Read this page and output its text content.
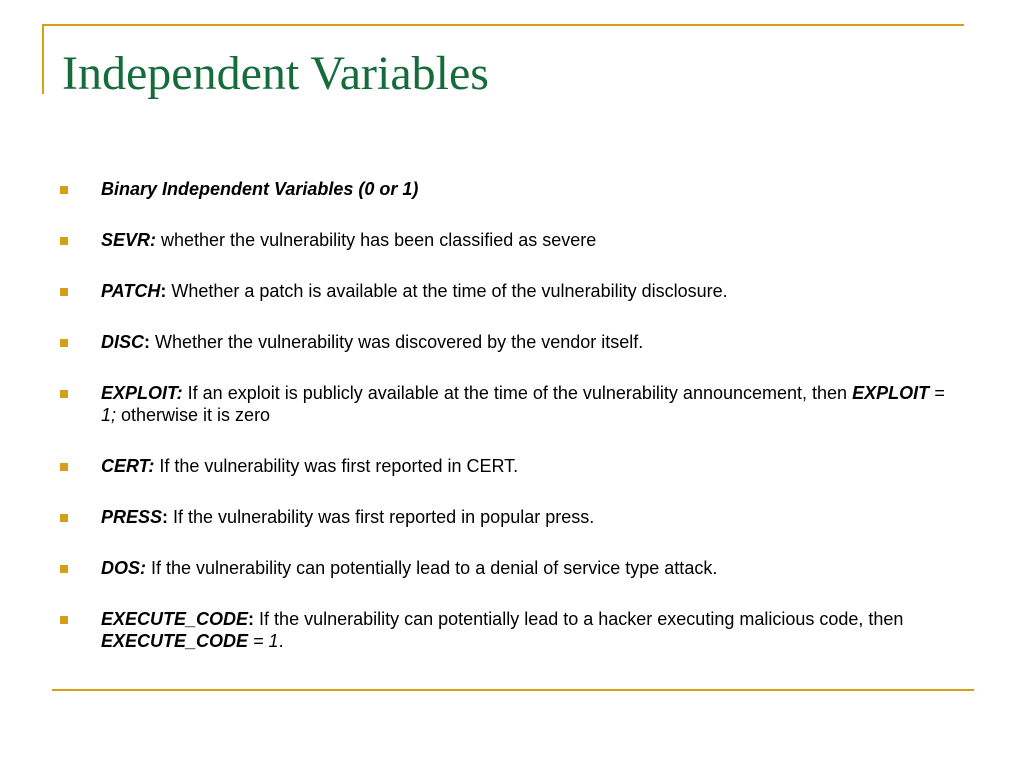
Independent Variables
Binary Independent Variables (0 or 1)
SEVR: whether the vulnerability has been classified as severe
PATCH: Whether a patch is available at the time of the vulnerability disclosure.
DISC: Whether the vulnerability was discovered by the vendor itself.
EXPLOIT: If an exploit is publicly available at the time of the vulnerability announcement, then EXPLOIT = 1; otherwise it is zero
CERT: If the vulnerability was first reported in CERT.
PRESS: If the vulnerability was first reported in popular press.
DOS: If the vulnerability can potentially lead to a denial of service type attack.
EXECUTE_CODE: If the vulnerability can potentially lead to a hacker executing malicious code, then EXECUTE_CODE = 1.
